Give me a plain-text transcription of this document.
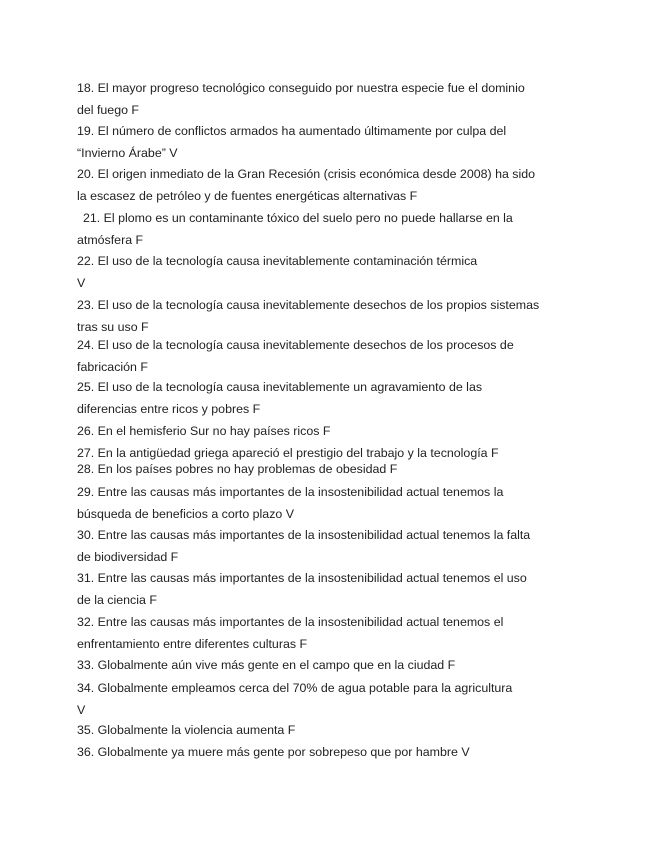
18. El mayor progreso tecnológico conseguido por nuestra especie fue el dominio
del fuego F
19. El número de conflictos armados ha aumentado últimamente por culpa del
“Invierno Árabe” V
20. El origen inmediato de la Gran Recesión (crisis económica desde 2008) ha sido
la escasez de petróleo y de fuentes energéticas alternativas F
21. El plomo es un contaminante tóxico del suelo pero no puede hallarse en la
atmósfera F
22. El uso de la tecnología causa inevitablemente contaminación térmica
V
23. El uso de la tecnología causa inevitablemente desechos de los propios sistemas
tras su uso F
24. El uso de la tecnología causa inevitablemente desechos de los procesos de
fabricación F
25. El uso de la tecnología causa inevitablemente un agravamiento de las
diferencias entre ricos y pobres F
26. En el hemisferio Sur no hay países ricos F
27. En la antigüedad griega apareció el prestigio del trabajo y la tecnología F
28. En los países pobres no hay problemas de obesidad F
29. Entre las causas más importantes de la insostenibilidad actual tenemos la
búsqueda de beneficios a corto plazo V
30. Entre las causas más importantes de la insostenibilidad actual tenemos la falta
de biodiversidad F
31. Entre las causas más importantes de la insostenibilidad actual tenemos el uso
de la ciencia F
32. Entre las causas más importantes de la insostenibilidad actual tenemos el
enfrentamiento entre diferentes culturas F
33. Globalmente aún vive más gente en el campo que en la ciudad F
34. Globalmente empleamos cerca del 70% de agua potable para la agricultura
V
35. Globalmente la violencia aumenta F
36. Globalmente ya muere más gente por sobrepeso que por hambre V
